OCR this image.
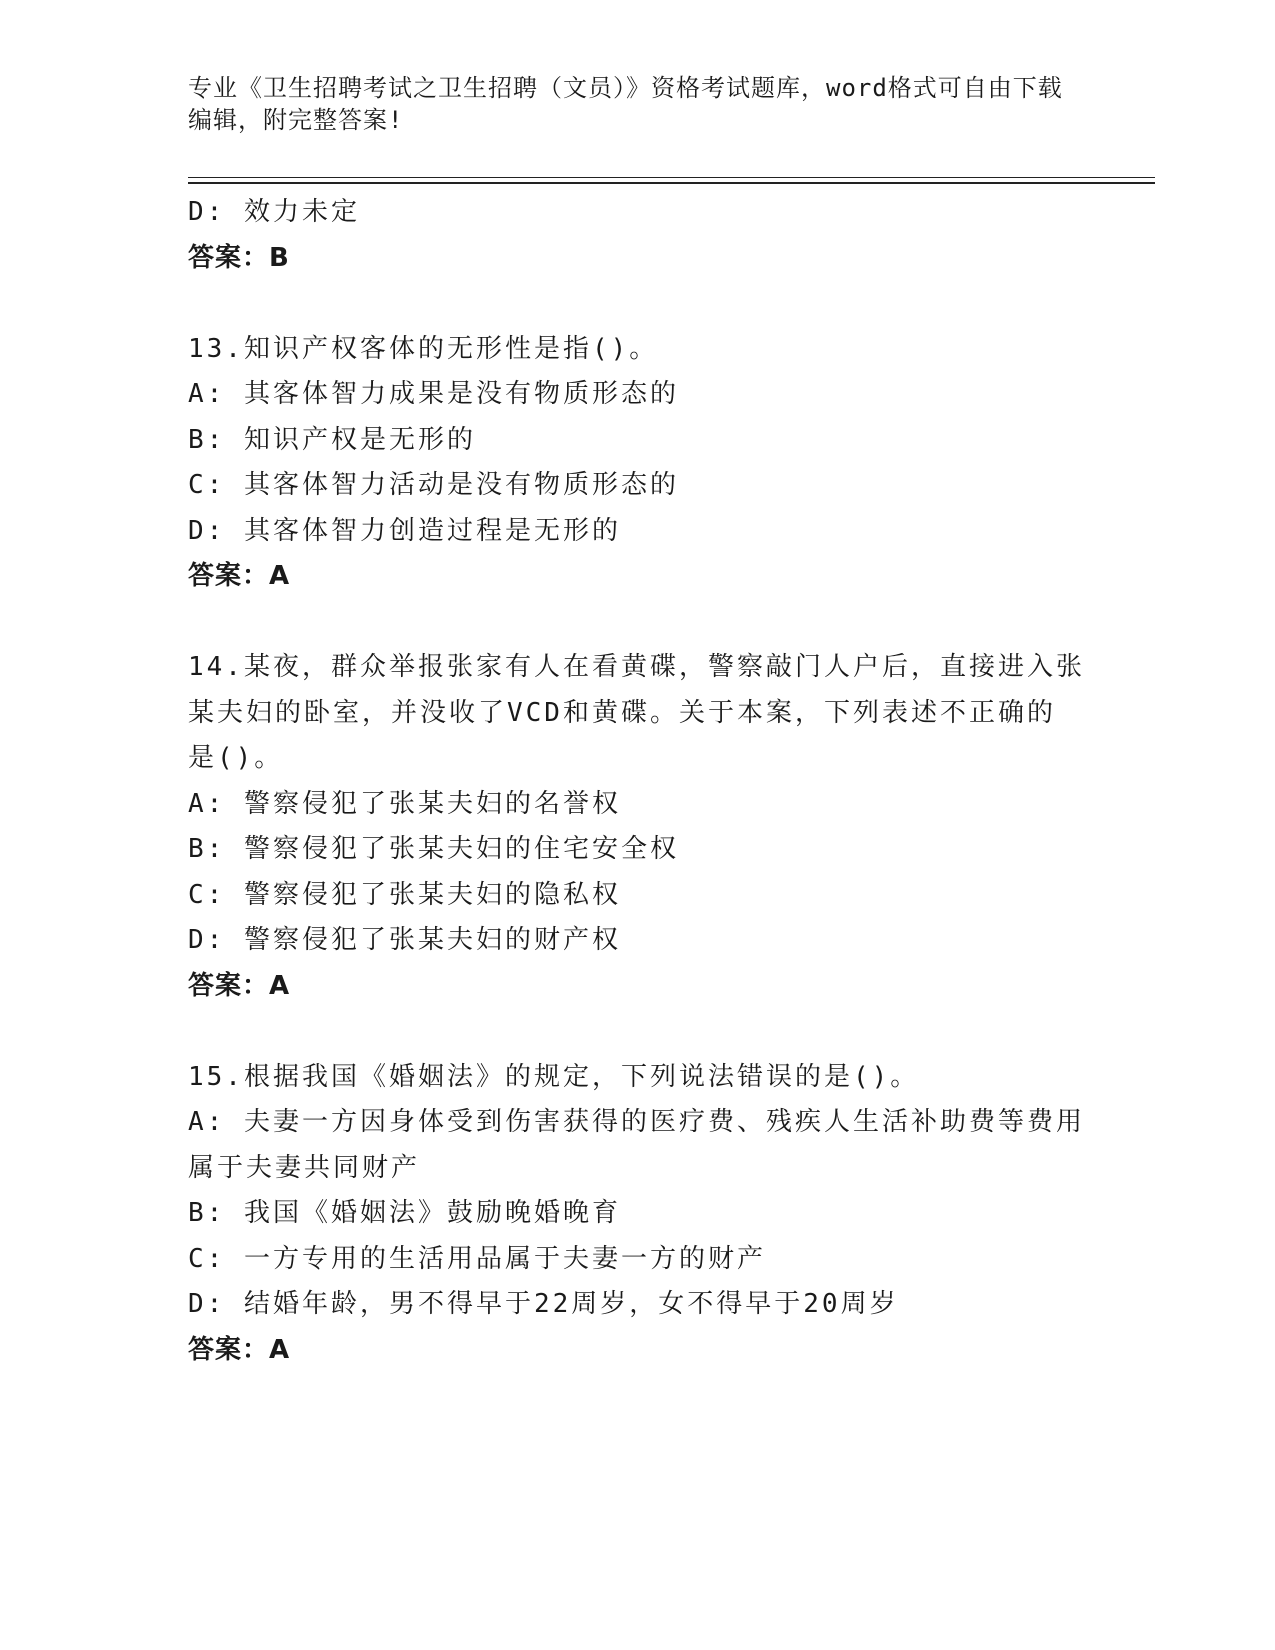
专业《卫生招聘考试之卫生招聘（文员）》资格考试题库，word格式可自由下载
编辑，附完整答案!
D: 效力未定
答案：B
13.知识产权客体的无形性是指()。
A: 其客体智力成果是没有物质形态的
B: 知识产权是无形的
C: 其客体智力活动是没有物质形态的
D: 其客体智力创造过程是无形的
答案：A
14.某夜，群众举报张家有人在看黄碟，警察敲门人户后，直接进入张
某夫妇的卧室，并没收了VCD和黄碟。关于本案，下列表述不正确的
是()。
A: 警察侵犯了张某夫妇的名誉权
B: 警察侵犯了张某夫妇的住宅安全权
C: 警察侵犯了张某夫妇的隐私权
D: 警察侵犯了张某夫妇的财产权
答案：A
15.根据我国《婚姻法》的规定，下列说法错误的是()。
A: 夫妻一方因身体受到伤害获得的医疗费、残疾人生活补助费等费用
属于夫妻共同财产
B: 我国《婚姻法》鼓励晚婚晚育
C: 一方专用的生活用品属于夫妻一方的财产
D: 结婚年龄，男不得早于22周岁，女不得早于20周岁
答案：A
